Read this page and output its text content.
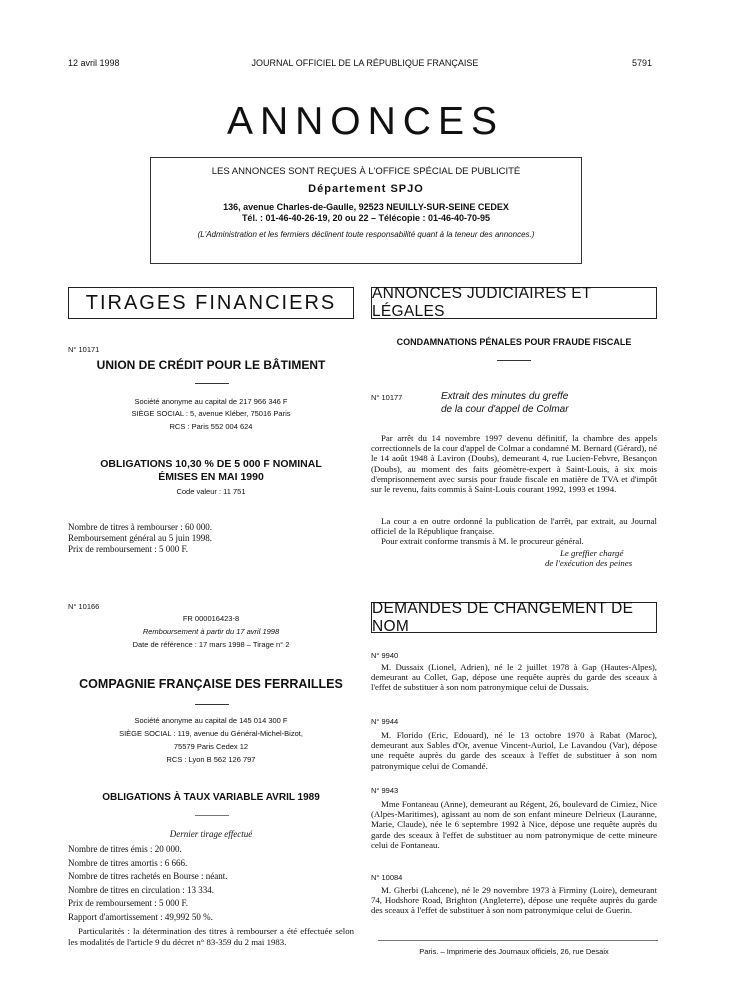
12 avril 1998	JOURNAL OFFICIEL DE LA RÉPUBLIQUE FRANÇAISE	5791
ANNONCES
LES ANNONCES SONT REÇUES À L'OFFICE SPÉCIAL DE PUBLICITÉ
Département SPJO
136, avenue Charles-de-Gaulle, 92523 NEUILLY-SUR-SEINE CEDEX
Tél. : 01-46-40-26-19, 20 ou 22 – Télécopie : 01-46-40-70-95
(L'Administration et les fermiers déclinent toute responsabilité quant à la teneur des annonces.)
TIRAGES FINANCIERS
N° 10171
UNION DE CRÉDIT POUR LE BÂTIMENT
Société anonyme au capital de 217 966 346 F
SIÈGE SOCIAL : 5, avenue Kléber, 75016 Paris
RCS : Paris 552 004 624
OBLIGATIONS 10,30 % DE 5 000 F NOMINAL
ÉMISES EN MAI 1990
Code valeur : 11 751
Nombre de titres à rembourser : 60 000.
Remboursement général au 5 juin 1998.
Prix de remboursement : 5 000 F.
N° 10166
FR 000016423-8
Remboursement à partir du 17 avril 1998
Date de référence : 17 mars 1998 – Tirage n° 2
COMPAGNIE FRANÇAISE DES FERRAILLES
Société anonyme au capital de 145 014 300 F
SIÈGE SOCIAL : 119, avenue du Général-Michel-Bizot,
75579 Paris Cedex 12
RCS : Lyon B 562 126 797
OBLIGATIONS À TAUX VARIABLE AVRIL 1989
Dernier tirage effectué
Nombre de titres émis : 20 000.
Nombre de titres amortis : 6 666.
Nombre de titres rachetés en Bourse : néant.
Nombre de titres en circulation : 13 334.
Prix de remboursement : 5 000 F.
Rapport d'amortissement : 49,992 50 %.
Particularités : la détermination des titres à rembourser a été effectuée selon les modalités de l'article 9 du décret n° 83-359 du 2 mai 1983.
ANNONCES JUDICIAIRES ET LÉGALES
CONDAMNATIONS PÉNALES POUR FRAUDE FISCALE
N° 10177	Extrait des minutes du greffe
de la cour d'appel de Colmar
Par arrêt du 14 novembre 1997 devenu définitif, la chambre des appels correctionnels de la cour d'appel de Colmar a condamné M. Bernard (Gérard), né le 14 août 1948 à Laviron (Doubs), demeurant 4, rue Lucien-Febvre, Besançon (Doubs), au moment des faits géomètre-expert à Saint-Louis, à six mois d'emprisonnement avec sursis pour fraude fiscale en matière de TVA et d'impôt sur le revenu, faits commis à Saint-Louis courant 1992, 1993 et 1994.
La cour a en outre ordonné la publication de l'arrêt, par extrait, au Journal officiel de la République française.
Pour extrait conforme transmis à M. le procureur général.
Le greffier chargé
de l'exécution des peines
DEMANDES DE CHANGEMENT DE NOM
N° 9940
M. Dussaix (Lionel, Adrien), né le 2 juillet 1978 à Gap (Hautes-Alpes), demeurant au Collet, Gap, dépose une requête auprès du garde des sceaux à l'effet de substituer à son nom patronymique celui de Dussais.
N° 9944
M. Florido (Eric, Edouard), né le 13 octobre 1970 à Rabat (Maroc), demeurant aux Sables d'Or, avenue Vincent-Auriol, Le Lavandou (Var), dépose une requête auprès du garde des sceaux à l'effet de substituer à son nom patronymique celui de Comandé.
N° 9943
Mme Fontaneau (Anne), demeurant au Régent, 26, boulevard de Cimiez, Nice (Alpes-Maritimes), agissant au nom de son enfant mineure Delrieux (Lauranne, Marie, Claude), née le 6 septembre 1992 à Nice, dépose une requête auprès du garde des sceaux à l'effet de substituer au nom patronymique de cette mineure celui de Fontaneau.
N° 10084
M. Gherbi (Lahcene), né le 29 novembre 1973 à Firminy (Loire), demeurant 74, Hodshore Road, Brighton (Angleterre), dépose une requête auprès du garde des sceaux à l'effet de substituer à son nom patronymique celui de Guerin.
Paris. – Imprimerie des Journaux officiels, 26, rue Desaix
